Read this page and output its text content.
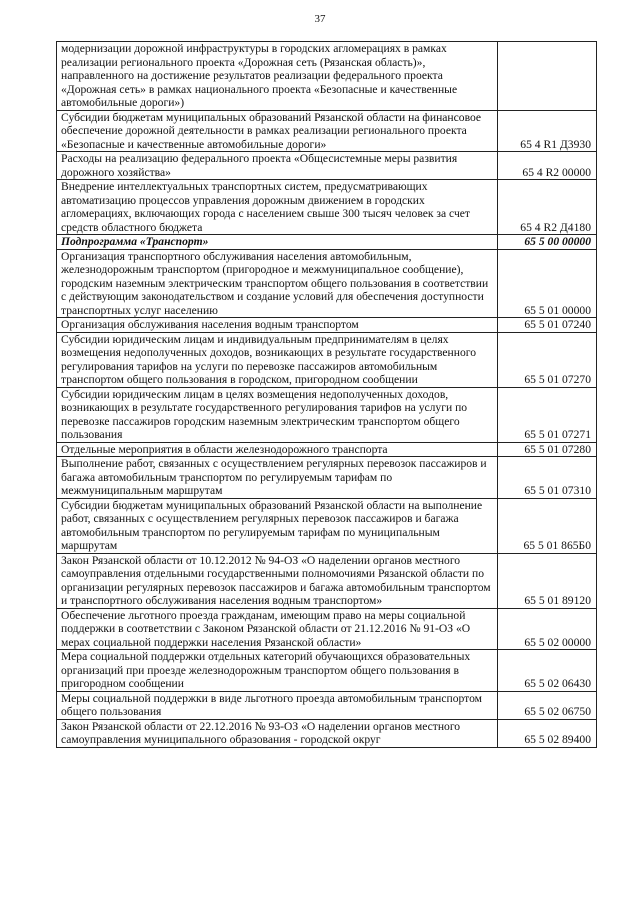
37
модернизации дорожной инфраструктуры в городских агломерациях в рамках реализации регионального проекта «Дорожная сеть (Рязанская область)», направленного на достижение результатов реализации федерального проекта «Дорожная сеть» в рамках национального проекта «Безопасные и качественные автомобильные дороги»)	
Субсидии бюджетам муниципальных образований Рязанской области на финансовое обеспечение дорожной деятельности в рамках реализации регионального проекта «Безопасные и качественные автомобильные дороги»	65 4 R1 Д3930
Расходы на реализацию федерального проекта «Общесистемные меры развития дорожного хозяйства»	65 4 R2 00000
Внедрение интеллектуальных транспортных систем, предусматривающих автоматизацию процессов управления дорожным движением в городских агломерациях, включающих города с населением свыше 300 тысяч человек за счет средств областного бюджета	65 4 R2 Д4180
Подпрограмма «Транспорт»	65 5 00 00000
Организация транспортного обслуживания населения автомобильным, железнодорожным транспортом (пригородное и межмуниципальное сообщение), городским наземным электрическим транспортом общего пользования в соответствии с действующим законодательством и создание условий для обеспечения доступности транспортных услуг населению	65 5 01 00000
Организация обслуживания населения водным транспортом	65 5 01 07240
Субсидии юридическим лицам и индивидуальным предпринимателям в целях возмещения недополученных доходов, возникающих в результате государственного регулирования тарифов на услуги по перевозке пассажиров автомобильным транспортом общего пользования в городском, пригородном сообщении	65 5 01 07270
Субсидии юридическим лицам в целях возмещения недополученных доходов, возникающих в результате государственного регулирования тарифов на услуги по перевозке пассажиров городским наземным электрическим транспортом общего пользования	65 5 01 07271
Отдельные мероприятия в области железнодорожного транспорта	65 5 01 07280
Выполнение работ, связанных с осуществлением регулярных перевозок пассажиров и багажа автомобильным транспортом по регулируемым тарифам по межмуниципальным маршрутам	65 5 01 07310
Субсидии бюджетам муниципальных образований Рязанской области на выполнение работ, связанных с осуществлением регулярных перевозок пассажиров и багажа автомобильным транспортом по регулируемым тарифам по муниципальным маршрутам	65 5 01 865Б0
Закон Рязанской области от 10.12.2012 № 94-ОЗ «О наделении органов местного самоуправления отдельными государственными полномочиями Рязанской области по организации регулярных перевозок пассажиров и багажа автомобильным транспортом и транспортного обслуживания населения водным транспортом»	65 5 01 89120
Обеспечение льготного проезда гражданам, имеющим право на меры социальной поддержки в соответствии с Законом Рязанской области от 21.12.2016 № 91-ОЗ «О мерах социальной поддержки населения Рязанской области»	65 5 02 00000
Мера социальной поддержки отдельных категорий обучающихся образовательных организаций при проезде железнодорожным транспортом общего пользования в пригородном сообщении	65 5 02 06430
Меры социальной поддержки в виде льготного проезда автомобильным транспортом общего пользования	65 5 02 06750
Закон Рязанской области от 22.12.2016 № 93-ОЗ «О наделении органов местного самоуправления муниципального образования - городской округ	65 5 02 89400
